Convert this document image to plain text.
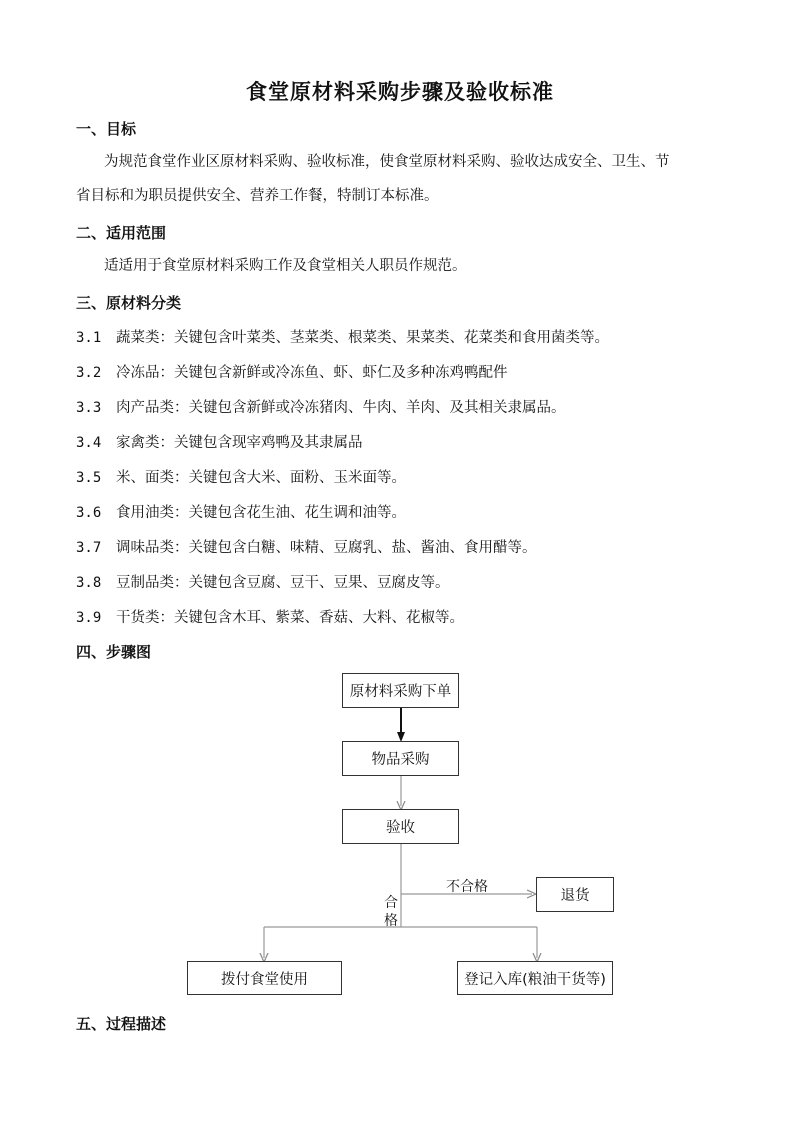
食堂原材料采购步骤及验收标准
一、目标
为规范食堂作业区原材料采购、验收标准，使食堂原材料采购、验收达成安全、卫生、节
省目标和为职员提供安全、营养工作餐，特制订本标准。
二、适用范围
适适用于食堂原材料采购工作及食堂相关人职员作规范。
三、原材料分类
3.1 蔬菜类：关键包含叶菜类、茎菜类、根菜类、果菜类、花菜类和食用菌类等。
3.2 冷冻品：关键包含新鲜或冷冻鱼、虾、虾仁及多种冻鸡鸭配件
3.3 肉产品类：关键包含新鲜或冷冻猪肉、牛肉、羊肉、及其相关隶属品。
3.4 家禽类：关键包含现宰鸡鸭及其隶属品
3.5 米、面类：关键包含大米、面粉、玉米面等。
3.6 食用油类：关键包含花生油、花生调和油等。
3.7 调味品类：关键包含白糖、味精、豆腐乳、盐、酱油、食用醋等。
3.8 豆制品类：关键包含豆腐、豆干、豆果、豆腐皮等。
3.9 干货类：关键包含木耳、紫菜、香菇、大料、花椒等。
四、步骤图
原材料采购下单
物品采购
验收
退货
拨付食堂使用	登记入库(粮油干货等)
不合格
合
格
五、过程描述
